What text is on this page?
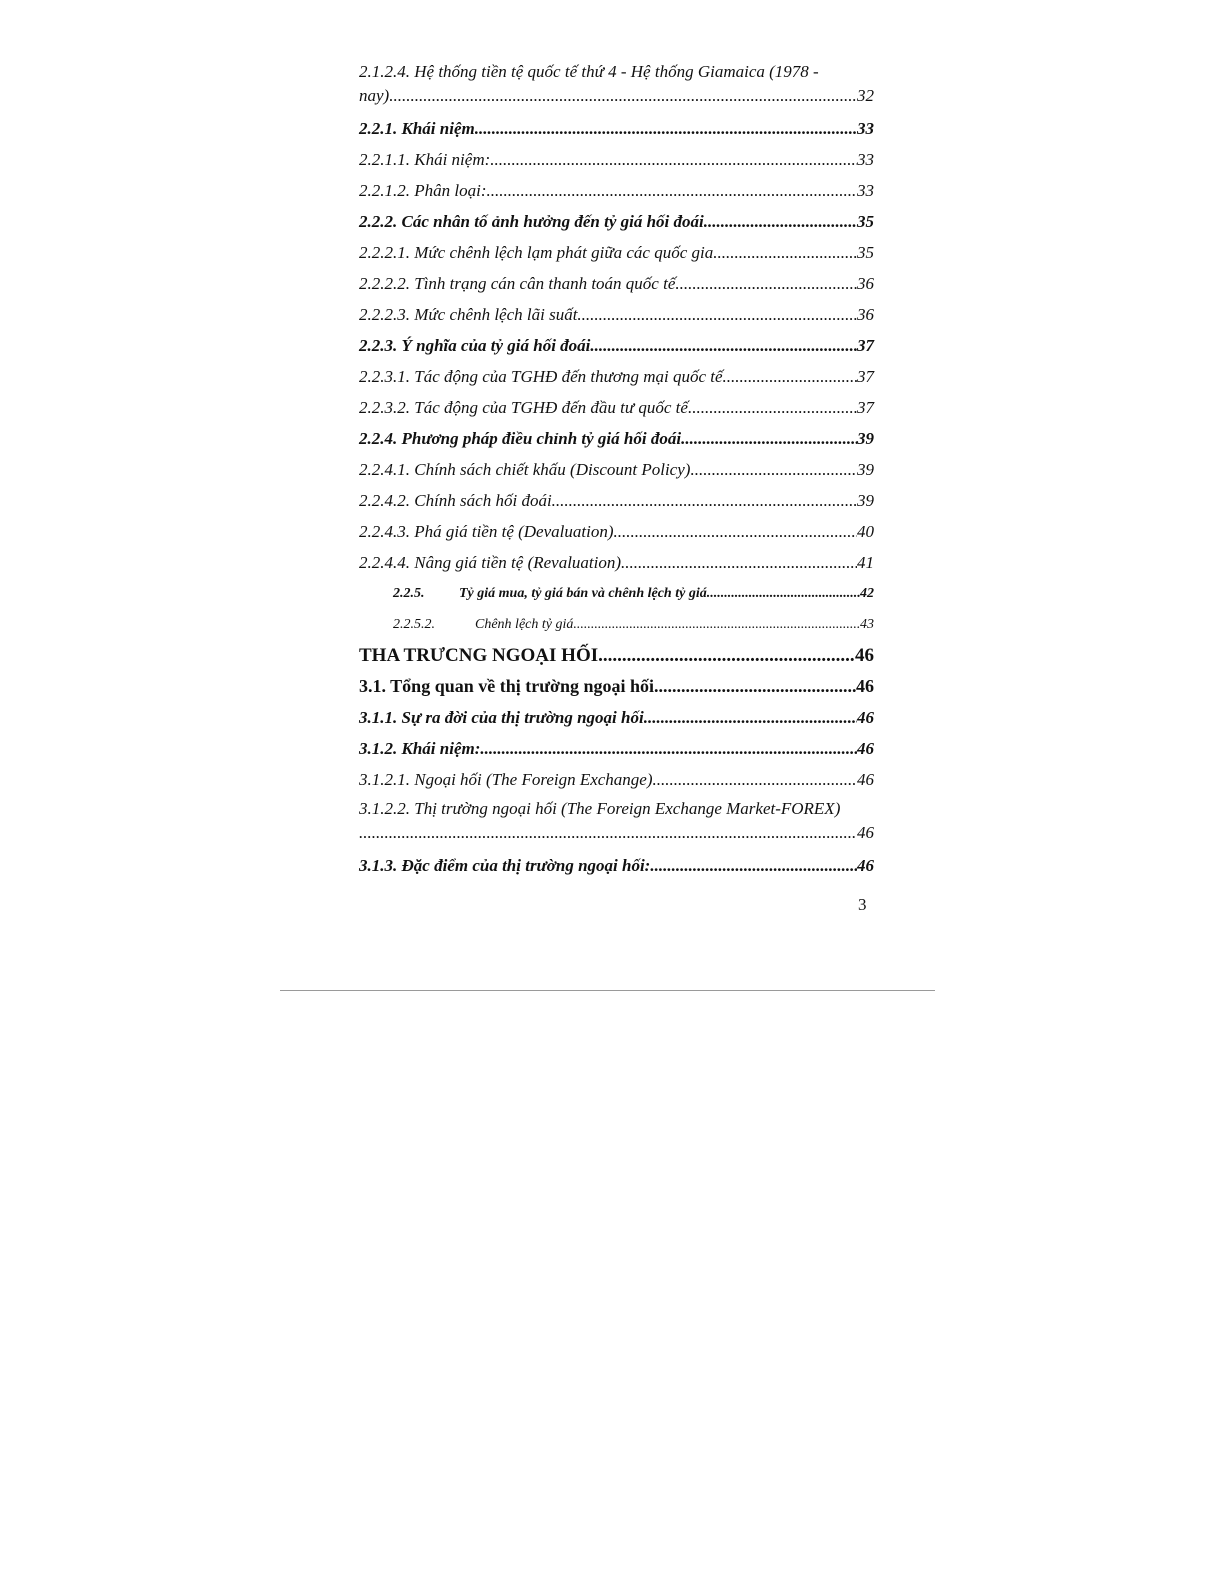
2.1.2.4. Hệ thống tiền tệ quốc tế thứ 4 - Hệ thống Giamaica (1978 -
nay) .....	32
2.2.1. Khái niệm .....	33
2.2.1.1. Khái niệm: .....	33
2.2.1.2. Phân loại: .....	33
2.2.2. Các nhân tố ảnh hưởng đến tỷ giá hối đoái .....	35
2.2.2.1. Mức chênh lệch lạm phát giữa các quốc gia .....	35
2.2.2.2. Tình trạng cán cân thanh toán quốc tế .....	36
2.2.2.3. Mức chênh lệch lãi suất .....	36
2.2.3. Ý nghĩa của tỷ giá hối đoái .....	37
2.2.3.1. Tác động của TGHĐ đến thương mại quốc tế .....	37
2.2.3.2. Tác động của TGHĐ đến đầu tư quốc tế .....	37
2.2.4. Phương pháp điều chỉnh tỷ giá hối đoái .....	39
2.2.4.1. Chính sách chiết khấu (Discount Policy) .....	39
2.2.4.2. Chính sách hối đoái .....	39
2.2.4.3. Phá giá tiền tệ (Devaluation) .....	40
2.2.4.4. Nâng giá tiền tệ (Revaluation) .....	41
2.2.5.	Tỷ giá mua, tỷ giá bán và chênh lệch tỷ giá .....	42
2.2.5.2.	Chênh lệch tỷ giá .....	43
THA TRƯCNG NGOẠI HỐI .....	46
3.1. Tổng quan về thị trường ngoại hối .....	46
3.1.1. Sự ra đời của thị trường ngoại hối .....	46
3.1.2. Khái niệm: .....	46
3.1.2.1. Ngoại hối (The Foreign Exchange) .....	46
3.1.2.2. Thị trường ngoại hối (The Foreign Exchange Market-FOREX)
.....
46
3.1.3. Đặc điểm của thị trường ngoại hối: .....	46
3
